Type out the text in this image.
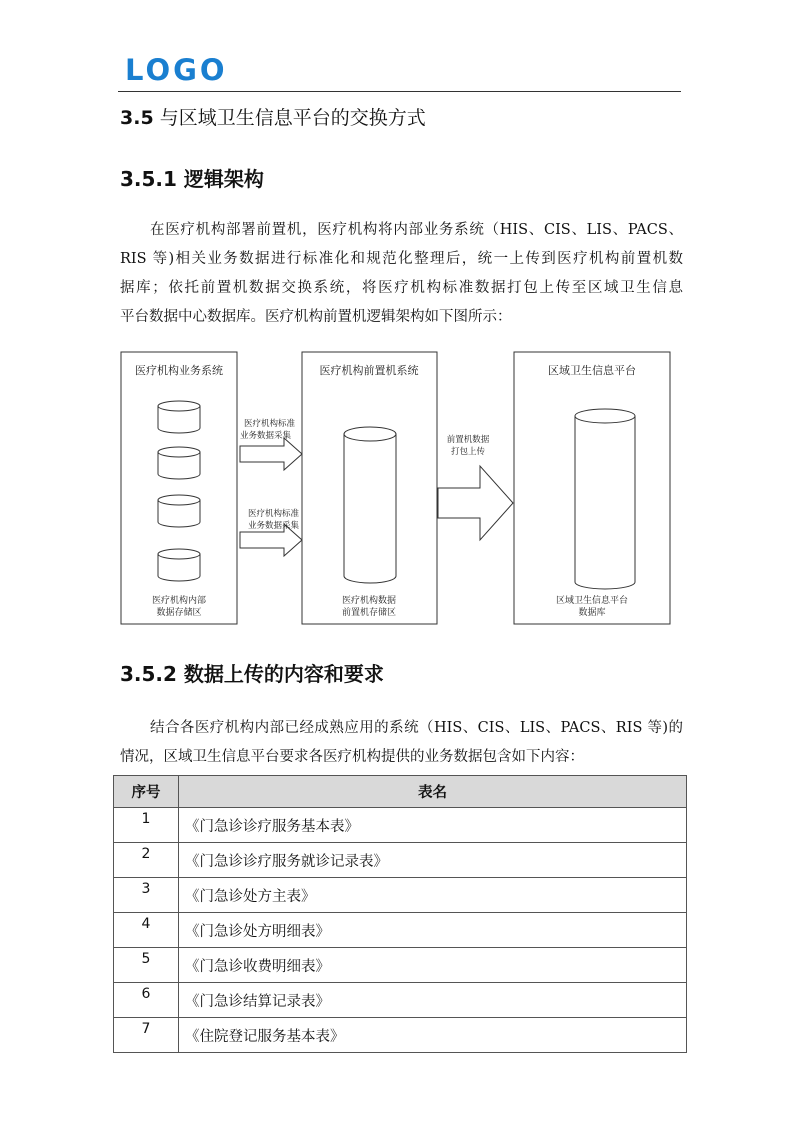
LOGO
3.5 与区域卫生信息平台的交换方式
3.5.1 逻辑架构
在医疗机构部署前置机，医疗机构将内部业务系统（HIS、CIS、LIS、PACS、
RIS 等)相关业务数据进行标准化和规范化整理后，统一上传到医疗机构前置机数
据库；依托前置机数据交换系统，将医疗机构标准数据打包上传至区域卫生信息
平台数据中心数据库。医疗机构前置机逻辑架构如下图所示：
医疗机构业务系统
医疗机构内部
数据存储区
医疗机构标准
业务数据采集
医疗机构标准
业务数据采集
医疗机构前置机系统
医疗机构数据
前置机存储区
前置机数据
打包上传
区域卫生信息平台
区域卫生信息平台
数据库
3.5.2 数据上传的内容和要求
结合各医疗机构内部已经成熟应用的系统（HIS、CIS、LIS、PACS、RIS 等)的
情况，区域卫生信息平台要求各医疗机构提供的业务数据包含如下内容：
序号	表名
1	《门急诊诊疗服务基本表》
2	《门急诊诊疗服务就诊记录表》
3	《门急诊处方主表》
4	《门急诊处方明细表》
5	《门急诊收费明细表》
6	《门急诊结算记录表》
7	《住院登记服务基本表》
